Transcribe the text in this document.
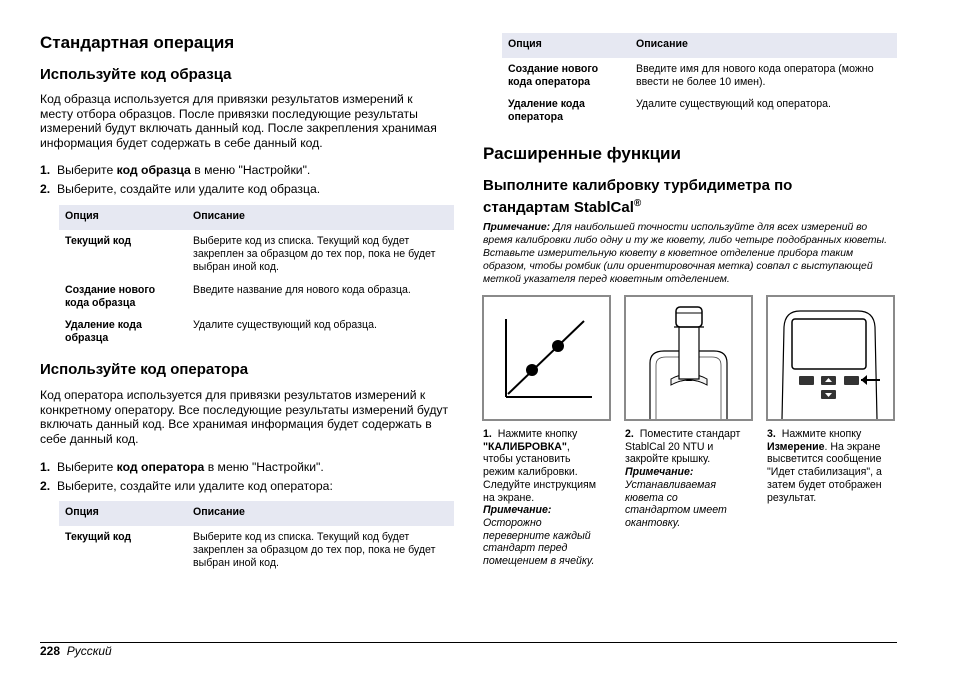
Стандартная операция
Используйте код образца

Код образца используется для привязки результатов измерений к месту отбора образцов. После привязки последующие результаты измерений будут включать данный код. После закрепления хранимая информация будет содержать в себе данный код.

1. Выберите код образца в меню "Настройки".
2. Выберите, создайте или удалите код образца.
Опция	Описание
Текущий код	Выберите код из списка. Текущий код будет закреплен за образцом до тех пор, пока не будет выбран иной код.
Создание нового кода образца	Введите название для нового кода образца.
Удаление кода образца	Удалите существующий код образца.
Используйте код оператора

Код оператора используется для привязки результатов измерений к конкретному оператору. Все последующие результаты измерений будут включать данный код. Все хранимая информация будет содержать в себе данный код.

1. Выберите код оператора в меню "Настройки".
2. Выберите, создайте или удалите код оператора:
Опция	Описание
Текущий код	Выберите код из списка. Текущий код будет закреплен за образцом до тех пор, пока не будет выбран иной код.
Опция	Описание
Создание нового кода оператора	Введите имя для нового кода оператора (можно ввести не более 10 имен).
Удаление кода оператора	Удалите существующий код оператора.
Расширенные функции
Выполните калибровку турбидиметра по стандартам StablCal®
Примечание: Для наибольшей точности используйте для всех измерений во время калибровки либо одну и ту же кювету, либо четыре подобранных кюветы. Вставьте измерительную кювету в кюветное отделение прибора таким образом, чтобы ромбик (или ориентировочная метка) совпал с выступающей меткой указателя перед кюветным отделением.
1. Нажмите кнопку "КАЛИБРОВКА", чтобы установить режим калибровки. Следуйте инструкциям на экране.
Примечание:
Осторожно переверните каждый стандарт перед помещением в ячейку.
2. Поместите стандарт StablCal 20 NTU и закройте крышку.
Примечание:
Устанавливаемая кювета со стандартом имеет окантовку.
3. Нажмите кнопку Измерение. На экране высветится сообщение "Идет стабилизация", а затем будет отображен результат.
228 Русский
